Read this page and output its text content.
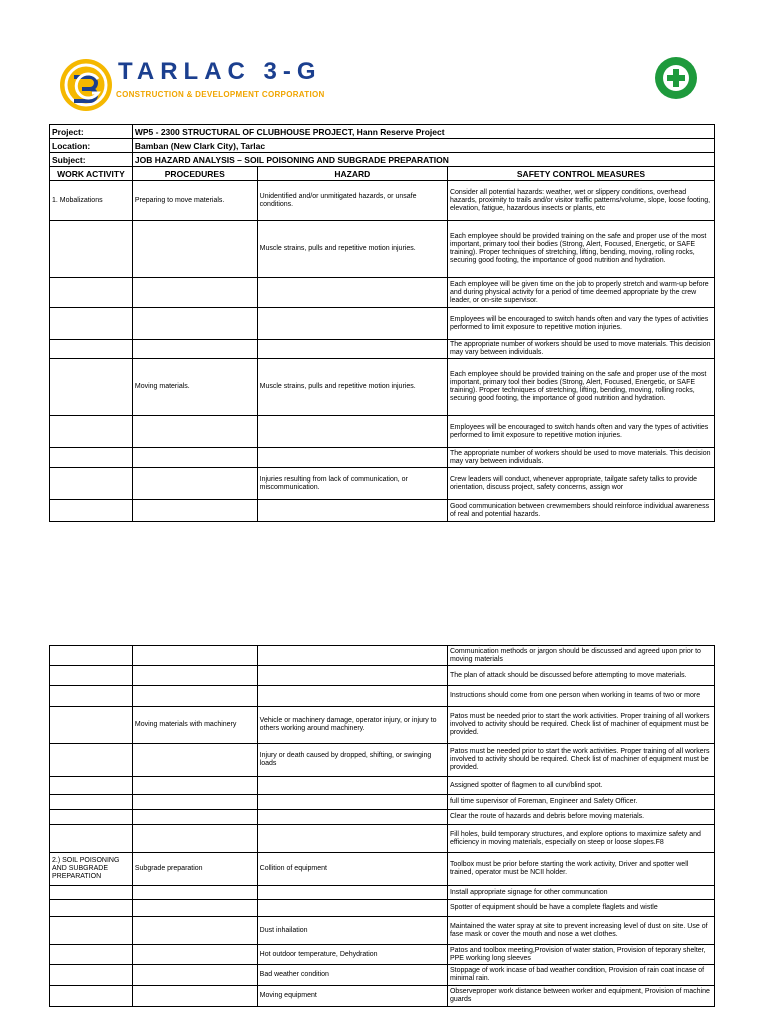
TARLAC 3-G
CONSTRUCTION & DEVELOPMENT CORPORATION
Project:	WP5 - 2300 STRUCTURAL OF CLUBHOUSE PROJECT, Hann Reserve Project		
Location:	Bamban (New Clark City), Tarlac		
Subject:	JOB HAZARD ANALYSIS – SOIL POISONING AND SUBGRADE PREPARATION		
WORK ACTIVITY	PROCEDURES	HAZARD	SAFETY CONTROL MEASURES
1. Mobalizations	Preparing to move materials.	Unidentified and/or unmitigated hazards, or unsafe conditions.	Consider all potential hazards: weather, wet or slippery conditions, overhead hazards, proximity to trails and/or visitor traffic patterns/volume, slope, loose footing, elevation, fatigue, hazardous insects or plants, etc
		Muscle strains, pulls and repetitive motion injuries.	Each employee should be provided training on the safe and proper use of the most important, primary tool their bodies (Strong, Alert, Focused, Energetic, or SAFE training). Proper techniques of stretching, lifting, bending, moving, rolling rocks, securing good footing, the importance of good nutrition and hydration.
			Each employee will be given time on the job to properly stretch and warm-up before and during physical activity for a period of time deemed appropriate by the crew leader, or on-site supervisor.
			Employees will be encouraged to switch hands often and vary the types of activities performed to limit exposure to repetitive motion injuries.
			The appropriate number of workers should be used to move materials. This decision may vary between individuals.
	Moving materials.	Muscle strains, pulls and repetitive motion injuries.	Each employee should be provided training on the safe and proper use of the most important, primary tool their bodies (Strong, Alert, Focused, Energetic, or SAFE training). Proper techniques of stretching, lifting, bending, moving, rolling rocks, securing good footing, the importance of good nutrition and hydration.
			Employees will be encouraged to switch hands often and vary the types of activities performed to limit exposure to repetitive motion injuries.
			The appropriate number of workers should be used to move materials. This decision may vary between individuals.
		Injuries resulting from lack of communication, or miscommunication.	Crew leaders will conduct, whenever appropriate, tailgate safety talks to provide orientation, discuss project, safety concerns, assign wor
			Good communication between crewmembers should reinforce individual awareness of real and potential hazards.
			Communication methods or jargon should be discussed and agreed upon prior to moving materials
			The plan of attack should be discussed before attempting to move materials.
			Instructions should come from one person when working in teams of two or more
	Moving materials with machinery	Vehicle or machinery damage, operator injury, or injury to others working around machinery.	Patos must be needed prior to start the work activities. Proper training of all workers involved to activity should be required. Check list of machiner of equipment must be provided.
		Injury or death caused by dropped, shifting, or swinging loads	Patos must be needed prior to start the work activities. Proper training of all workers involved to activity should be required. Check list of machiner of equipment must be provided.
			Assigned spotter of flagmen to all curv/blind spot.
			full time supervisor of Foreman, Engineer and Safety Officer.
			Clear the route of hazards and debris before moving materials.
			Fill holes, build temporary structures, and explore options to maximize safety and efficiency in moving materials, especially on steep or loose slopes.F8
2.) SOIL POISONING AND SUBGRADE PREPARATION	Subgrade preparation	Collition of equipment	Toolbox must be prior before starting the work activity, Driver and spotter well trained, operator must be NCII holder.
			Install appropriate signage for other communcation
			Spotter of equipment should be have a complete flaglets and wistle
		Dust inhailation	Maintained the water spray at site to prevent increasing level of dust on site. Use of fase mask or cover the mouth and nose a wet clothes.
		Hot outdoor temperature, Dehydration	Patos and toolbox meeting,Provision of water station, Provision of teporary shelter, PPE working long sleeves
		Bad weather condition	Stoppage of work incase of bad weather condition, Provision of rain coat incase of minimal rain.
		Moving equipment	Observeproper work distance between worker and equipment, Provision of machine guards
